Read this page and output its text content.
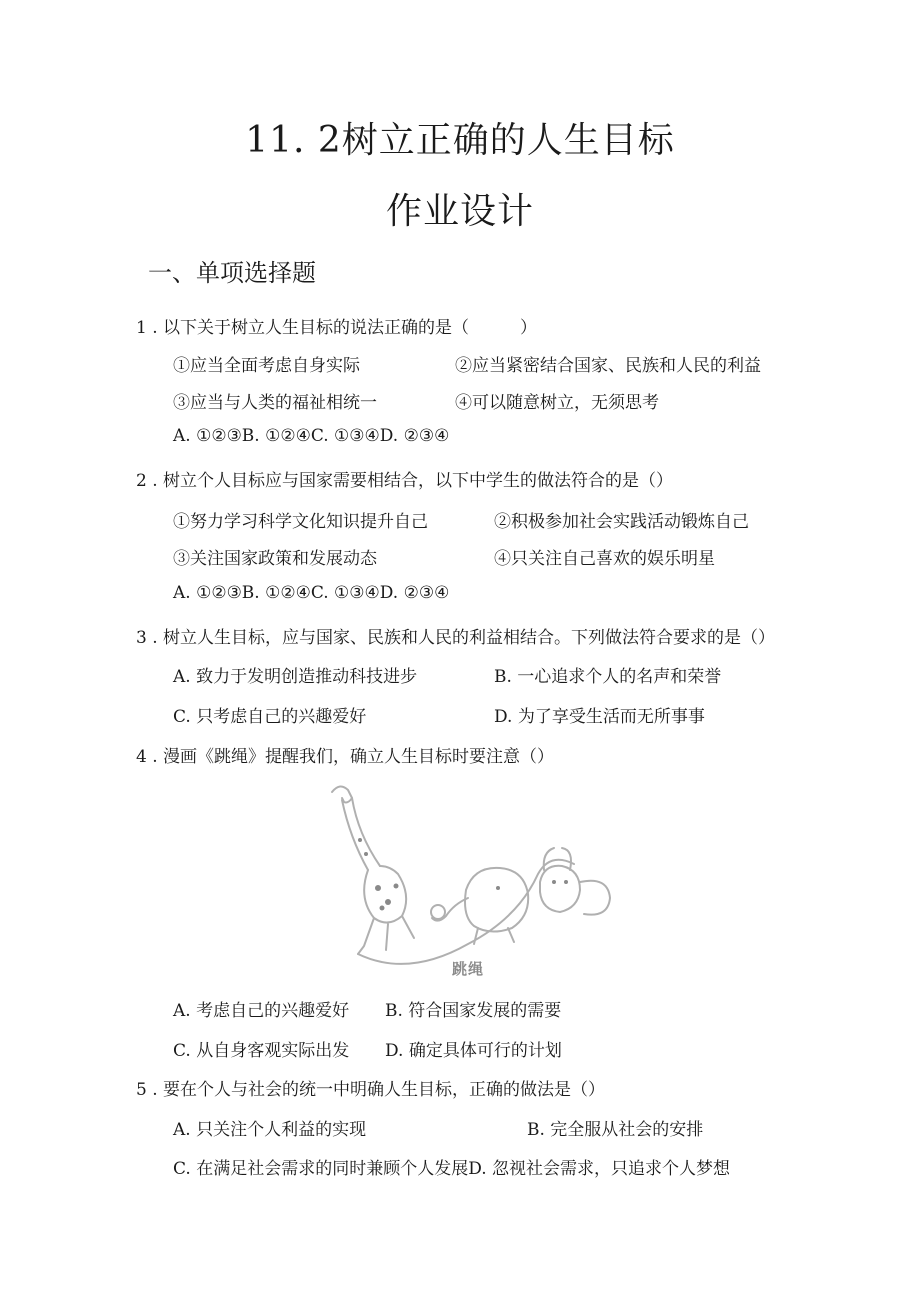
11. 2树立正确的人生目标
作业设计
一、单项选择题
1 . 以下关于树立人生目标的说法正确的是（　　　）
①应当全面考虑自身实际	②应当紧密结合国家、民族和人民的利益
③应当与人类的福祉相统一	④可以随意树立，无须思考
A. ①②③B. ①②④C. ①③④D. ②③④
2 . 树立个人目标应与国家需要相结合，以下中学生的做法符合的是（）
①努力学习科学文化知识提升自己	②积极参加社会实践活动锻炼自己
③关注国家政策和发展动态	④只关注自己喜欢的娱乐明星
A. ①②③B. ①②④C. ①③④D. ②③④
3 . 树立人生目标，应与国家、民族和人民的利益相结合。下列做法符合要求的是（）
A. 致力于发明创造推动科技进步	B. 一心追求个人的名声和荣誉
C. 只考虑自己的兴趣爱好	D. 为了享受生活而无所事事
4 . 漫画《跳绳》提醒我们，确立人生目标时要注意（）
跳绳
A. 考虑自己的兴趣爱好 B. 符合国家发展的需要
C. 从自身客观实际出发 D. 确定具体可行的计划
5 . 要在个人与社会的统一中明确人生目标，正确的做法是（）
A. 只关注个人利益的实现	B. 完全服从社会的安排
C. 在满足社会需求的同时兼顾个人发展D. 忽视社会需求，只追求个人梦想
